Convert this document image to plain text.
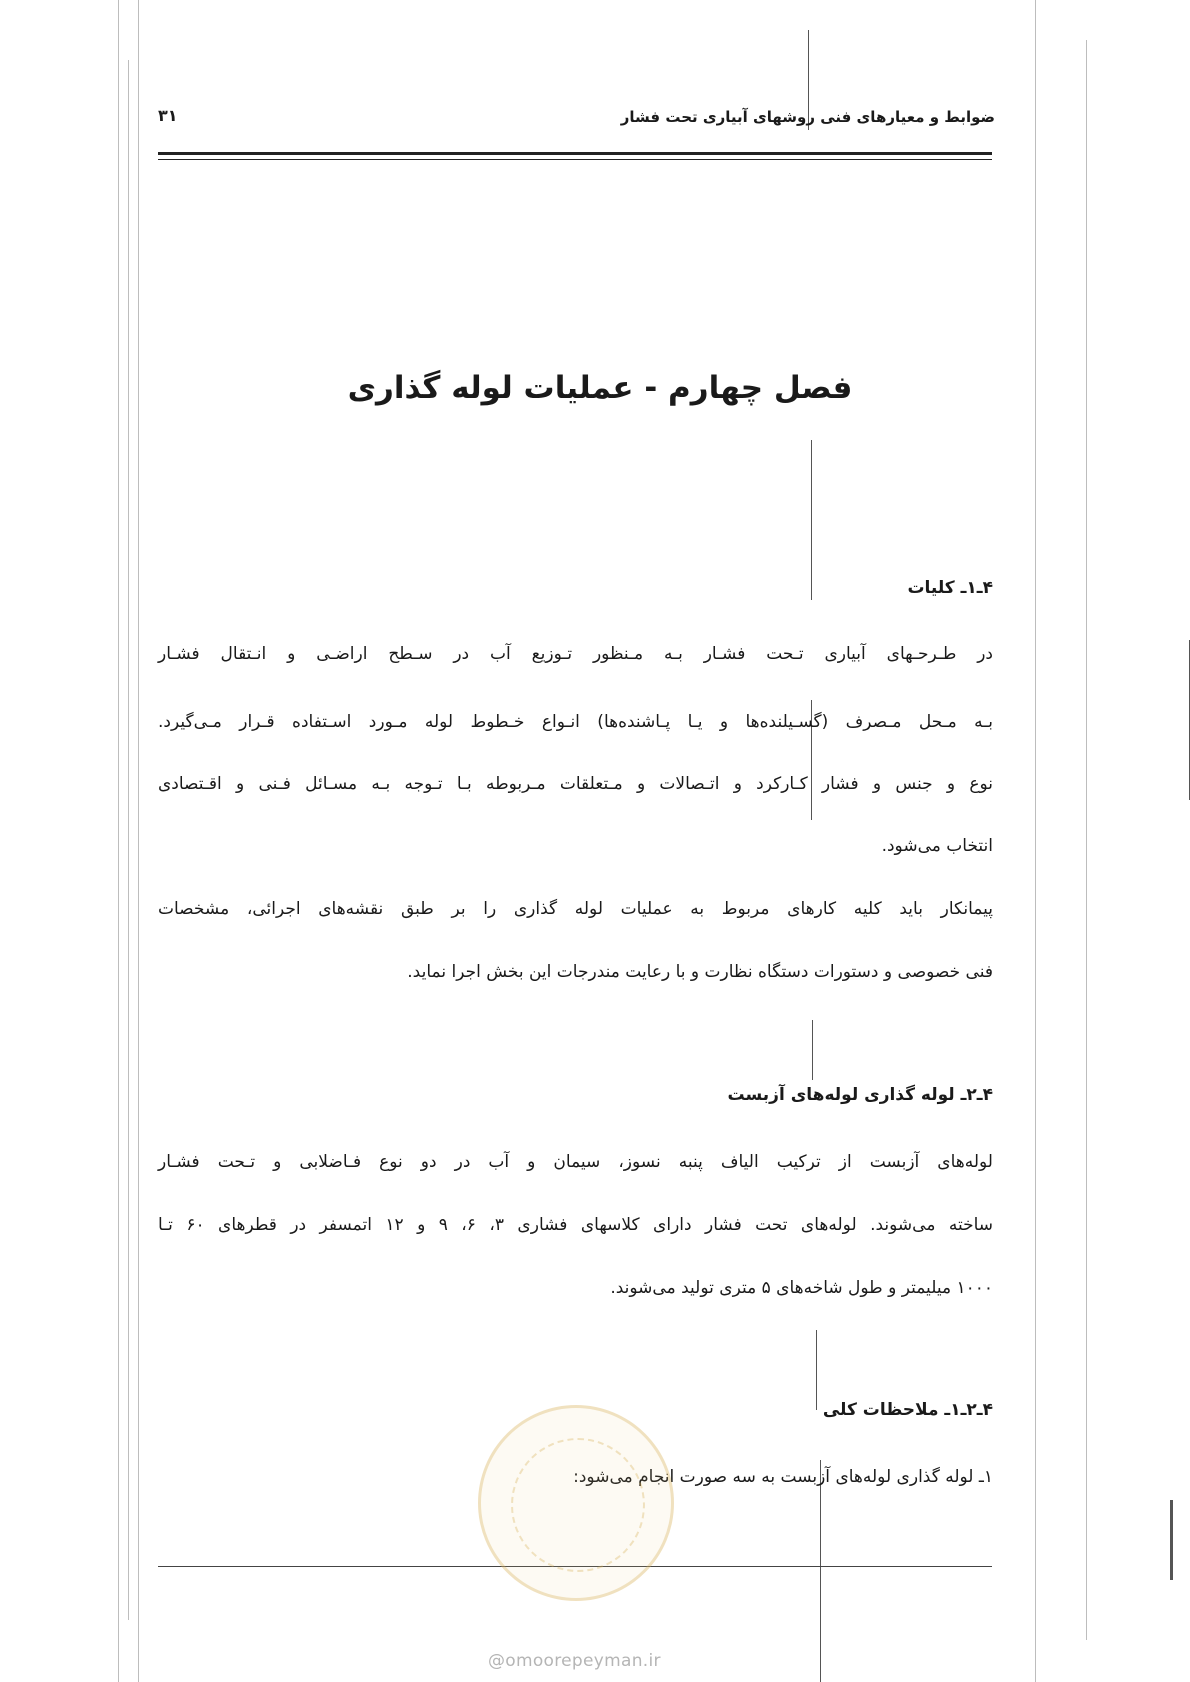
ضوابط و معیارهای فنی روشهای آبیاری تحت فشار
۳۱
فصل چهارم - عملیات لوله گذاری
۴ـ۱ـ کلیات
در طـرحـهای آبیاری تـحت فشـار بـه مـنظور تـوزیع آب در سـطح اراضـی و انـتقال فشـار
بـه مـحل مـصرف (گسـیلنده‌ها و یـا پـاشنده‌ها) انـواع خـطوط لوله مـورد اسـتفاده قـرار مـی‌گیرد.
نوع و جنس و فشار کـارکرد و اتـصالات و مـتعلقات مـربوطه بـا تـوجه بـه مسـائل فـنی و اقـتصادی
انتخاب می‌شود.
پیمانکار باید کلیه کارهای مربوط به عملیات لوله گذاری را بر طبق نقشه‌های اجرائی، مشخصات
فنی خصوصی و دستورات دستگاه نظارت و با رعایت مندرجات این بخش اجرا نماید.
۴ـ۲ـ لوله گذاری لوله‌های آزبست
لوله‌های آزبست از ترکیب الیاف پنبه نسوز، سیمان و آب در دو نوع فـاضلابی و تـحت فشـار
ساخته می‌شوند. لوله‌های تحت فشار دارای کلاسهای فشاری ۳، ۶، ۹ و ۱۲ اتمسفر در قطرهای ۶۰ تـا
۱۰۰۰ میلیمتر و طول شاخه‌های ۵ متری تولید می‌شوند.
۴ـ۲ـ۱ـ ملاحظات کلی
۱ـ لوله گذاری لوله‌های آزبست به سه صورت انجام می‌شود:
@omoorepeyman.ir
